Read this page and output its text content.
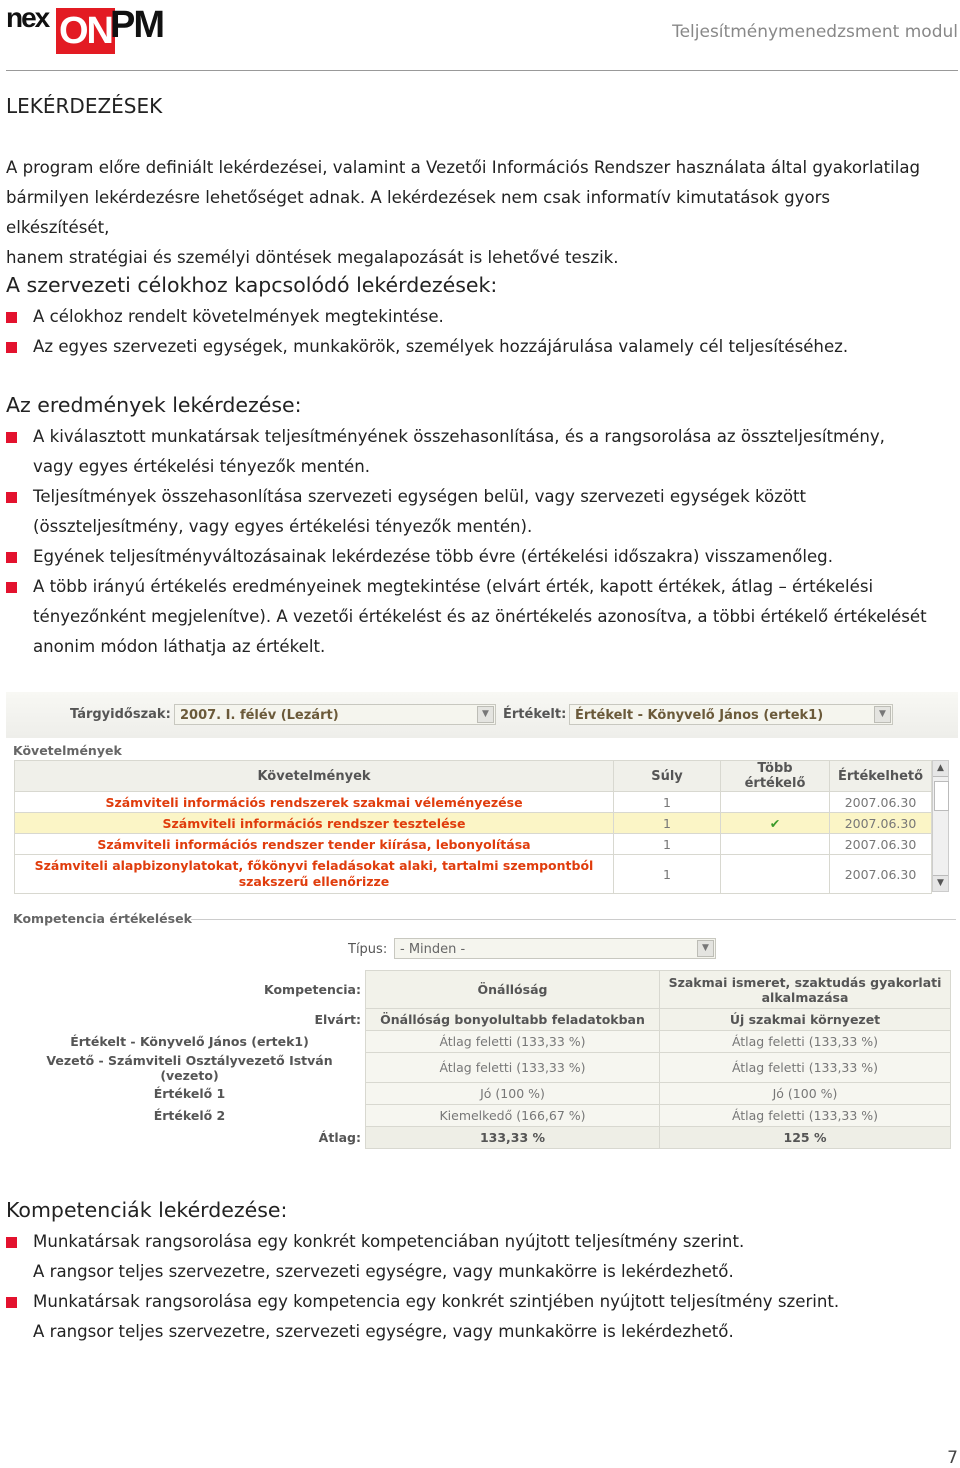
nex ON
PM	Teljesítménymenedzsment modul
LEKÉRDEZÉSEK
A program előre definiált lekérdezései, valamint a Vezetői Információs Rendszer használata által gyakorlatilag
bármilyen lekérdezésre lehetőséget adnak. A lekérdezések nem csak informatív kimutatások gyors elkészítését,
hanem stratégiai és személyi döntések megalapozását is lehetővé teszik.
A szervezeti célokhoz kapcsolódó lekérdezések:
A célokhoz rendelt követelmények megtekintése.
Az egyes szervezeti egységek, munkakörök, személyek hozzájárulása valamely cél teljesítéséhez.
Az eredmények lekérdezése:
A kiválasztott munkatársak teljesítményének összehasonlítása, és a rangsorolása az összteljesítmény,
vagy egyes értékelési tényezők mentén.
Teljesítmények összehasonlítása szervezeti egységen belül, vagy szervezeti egységek között
(összteljesítmény, vagy egyes értékelési tényezők mentén).
Egyének teljesítményváltozásainak lekérdezése több évre (értékelési időszakra) visszamenőleg.
A több irányú értékelés eredményeinek megtekintése (elvárt érték, kapott értékek, átlag – értékelési
tényezőnként megjelenítve). A vezetői értékelést és az önértékelés azonosítva, a többi értékelő értékelését
anonim módon láthatja az értékelt.
Tárgyidőszak: 2007. I. félév (Lezárt)	▼	Értékelt: Értékelt - Könyvelő János (ertek1)	▼
Követelmények
Követelmények	Súly	Több értékelő	Értékelhető
Számviteli információs rendszerek szakmai véleményezése	1		2007.06.30
Számviteli információs rendszer tesztelése	1	✔	2007.06.30
Számviteli információs rendszer tender kiírása, lebonyolítása	1		2007.06.30
Számviteli alapbizonylatokat, főkönyvi feladásokat alaki, tartalmi szempontból szakszerű ellenőrizze	1		2007.06.30
▲
▼
Kompetencia értékelések
Típus: - Minden -	▼
Kompetencia:	Önállóság	Szakmai ismeret, szaktudás gyakorlati alkalmazása
Elvárt:	Önállóság bonyolultabb feladatokban	Új szakmai környezet
Értékelt - Könyvelő János (ertek1)	Átlag feletti (133,33 %)	Átlag feletti (133,33 %)
Vezető - Számviteli Osztályvezető István (vezeto)	Átlag feletti (133,33 %)	Átlag feletti (133,33 %)
Értékelő 1	Jó (100 %)	Jó (100 %)
Értékelő 2	Kiemelkedő (166,67 %)	Átlag feletti (133,33 %)
Átlag:	133,33 %	125 %
Kompetenciák lekérdezése:
Munkatársak rangsorolása egy konkrét kompetenciában nyújtott teljesítmény szerint.
A rangsor teljes szervezetre, szervezeti egységre, vagy munkakörre is lekérdezhető.
Munkatársak rangsorolása egy kompetencia egy konkrét szintjében nyújtott teljesítmény szerint.
A rangsor teljes szervezetre, szervezeti egységre, vagy munkakörre is lekérdezhető.
7
